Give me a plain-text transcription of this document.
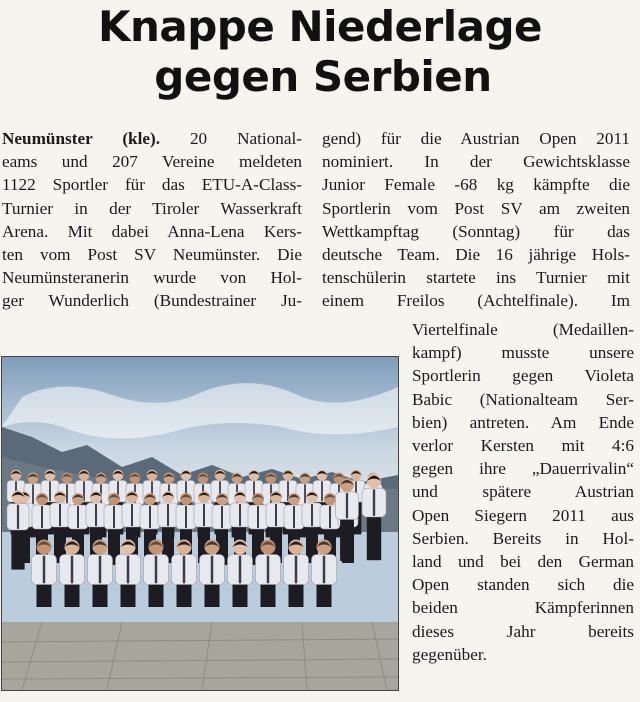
Knappe Niederlage

gegen Serbien
Neumünster (kle). 20 National-
eams und 207 Vereine meldeten
1122 Sportler für das ETU-A-Class-
Turnier in der Tiroler Wasserkraft
Arena. Mit dabei Anna-Lena Kers-
ten vom Post SV Neumünster. Die
Neumünsteranerin wurde von Hol-
ger Wunderlich (Bundestrainer Ju-
gend) für die Austrian Open 2011
nominiert. In der Gewichtsklasse
Junior Female -68 kg kämpfte die
Sportlerin vom Post SV am zweiten
Wettkampftag (Sonntag) für das
deutsche Team. Die 16 jährige Hols-
tenschülerin startete ins Turnier mit
einem Freilos (Achtelfinale). Im
Viertelfinale (Medaillen-
kampf) musste unsere
Sportlerin gegen Violeta
Babic (Nationalteam Ser-
bien) antreten. Am Ende
verlor Kersten mit 4:6
gegen ihre „Dauerrivalin“
und spätere Austrian
Open Siegern 2011 aus
Serbien. Bereits in Hol-
land und bei den German
Open standen sich die
beiden Kämpferinnen
dieses Jahr bereits
gegenüber.
